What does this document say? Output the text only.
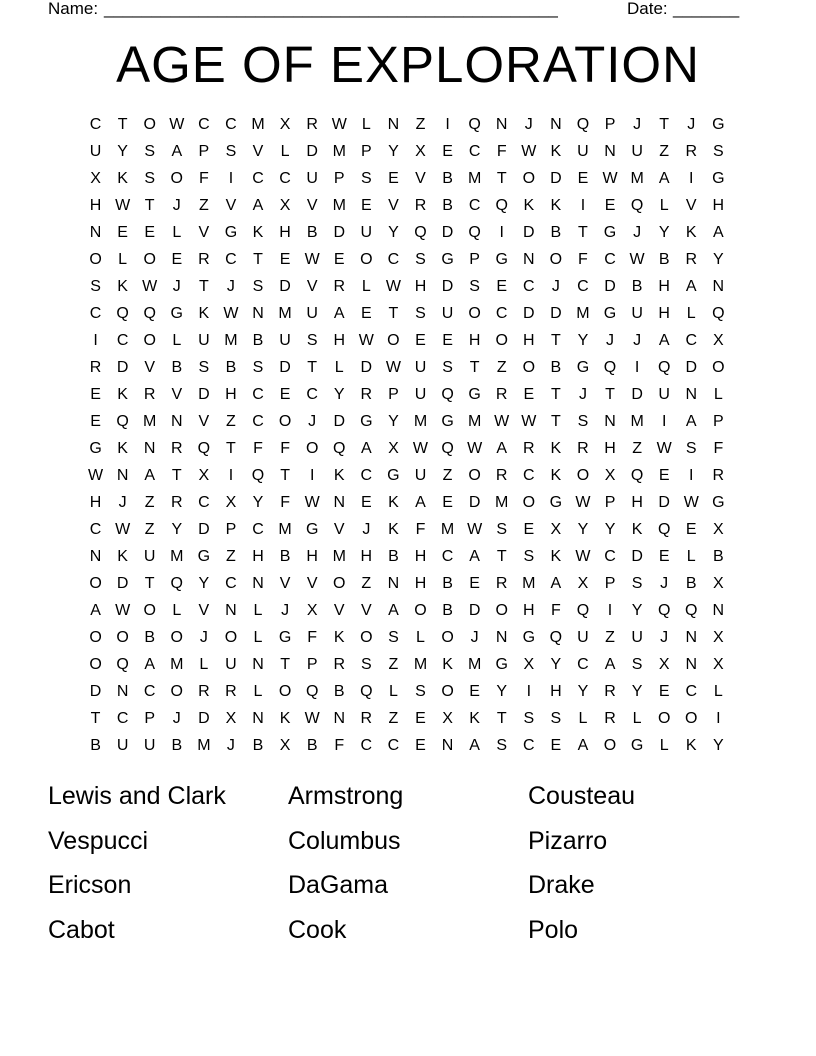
Name: ________________________________________________	Date: _______
AGE OF EXPLORATION
C	T O W C C M X R W L	N	Z	I	Q N	J	N Q P	J	T	J	G
U Y	S	A	P	S	V	L	D M P	Y	X	E C	F W K U N U	Z	R S
X	K	S O F	I	C C U P	S	E	V	B M T O D E W M A	I	G
H W T	J	Z	V	A	X	V M E	V R B C Q K	K	I	E Q	L	V H
N E	E	L	V G K H B D U Y Q D Q	I	D B	T G	J	Y	K	A
O	L	O E R C	T	E W E O C S G P G N O F	C W B R Y
S	K W J	T	J	S D V R	L W H D S	E C	J	C D B H A N
C Q Q G K W N M U A	E	T	S U O C D D M G U H	L	Q
I	C O	L	U M B U S H W O E	E H O H	T	Y	J	J	A C X
R D V	B	S	B	S D	T	L	D W U S	T	Z O B G Q	I	Q D O
E	K R V D H C E C Y R P U Q G R E	T	J	T	D U N	L
E Q M N V	Z	C O	J	D G Y M G M W W T	S N M	I	A	P
G K N R Q T	F	F O Q A	X W Q W A R K R H	Z W S	F
W N A	T	X	I	Q T	I	K C G U	Z O R C K O X Q E	I	R
H	J	Z	R C X	Y	F W N E	K	A	E D M O G W P H D W G
C W Z	Y D P C M G V	J	K	F M W S	E	X	Y	Y	K Q E	X
N K U M G Z	H B H M H B H C A	T	S	K W C D E	L	B
O D	T Q Y C N V	V O Z	N H B	E R M A	X	P	S	J	B	X
A W O	L	V N	L	J	X	V	V	A O B D O H	F Q	I	Y Q Q N
O O B O	J	O	L	G F	K O S	L	O	J	N G Q U	Z	U	J	N X
O Q A M L	U N	T	P R S	Z M K M G X	Y C A	S	X N X
D N C O R R	L	O Q B Q	L	S O E	Y	I	H Y R Y	E C	L
T	C P	J	D X N K W N R	Z	E	X	K	T	S	S	L	R	L	O O	I
B U U B M	J	B	X	B	F	C C E N A	S C E	A O G	L	K	Y
Lewis and Clark	Armstrong	Cousteau
Vespucci	Columbus	Pizarro
Ericson	DaGama	Drake
Cabot	Cook	Polo
